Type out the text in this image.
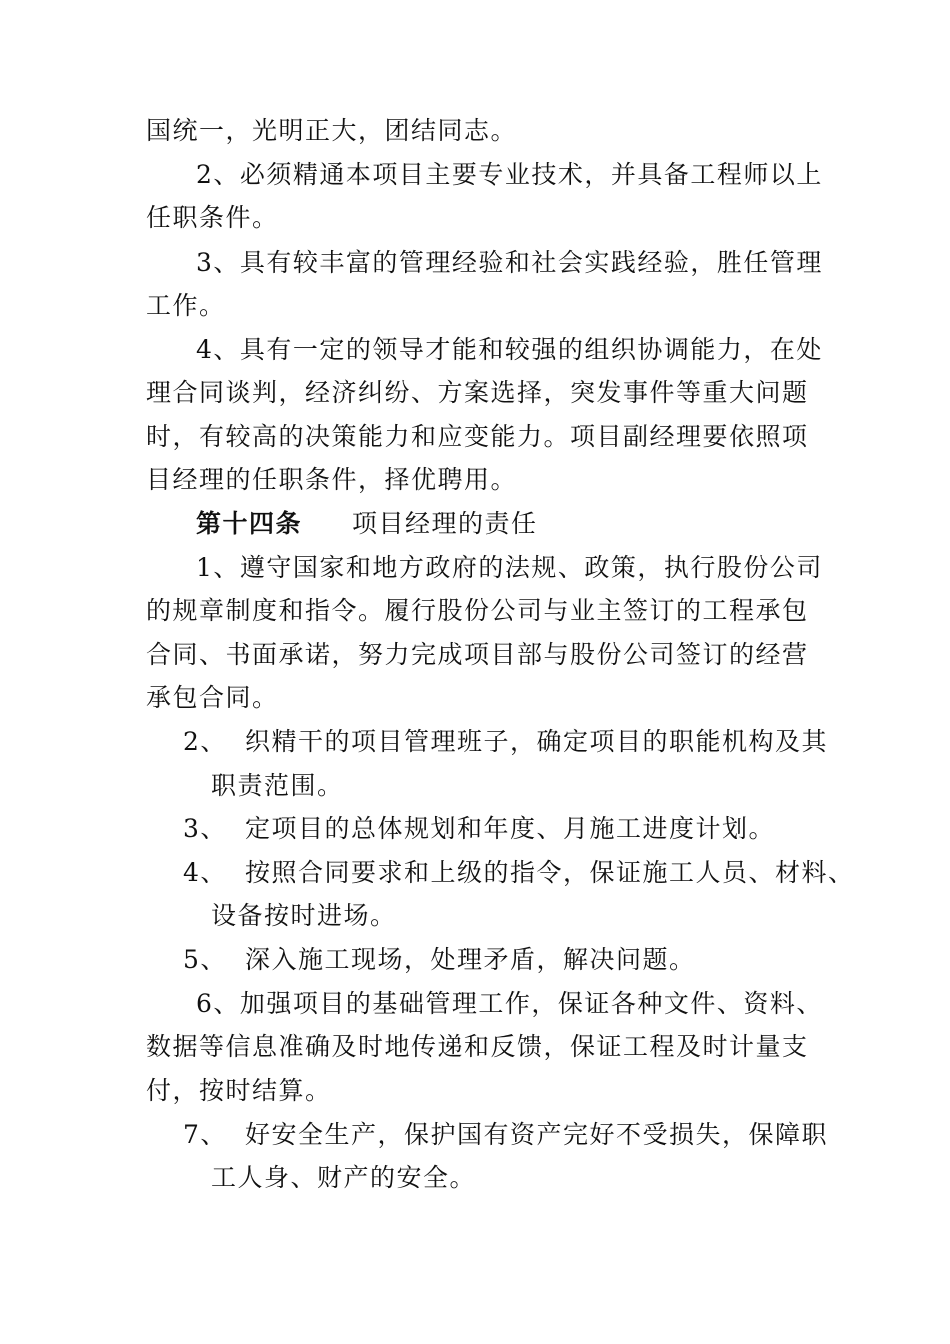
国统一，光明正大，团结同志。
2、必须精通本项目主要专业技术，并具备工程师以上
任职条件。
3、具有较丰富的管理经验和社会实践经验，胜任管理
工作。
4、具有一定的领导才能和较强的组织协调能力，在处
理合同谈判，经济纠纷、方案选择，突发事件等重大问题
时，有较高的决策能力和应变能力。项目副经理要依照项
目经理的任职条件，择优聘用。
第十四条 项目经理的责任
1、遵守国家和地方政府的法规、政策，执行股份公司
的规章制度和指令。履行股份公司与业主签订的工程承包
合同、书面承诺，努力完成项目部与股份公司签订的经营
承包合同。
2、 织精干的项目管理班子，确定项目的职能机构及其
职责范围。
3、 定项目的总体规划和年度、月施工进度计划。
4、 按照合同要求和上级的指令，保证施工人员、材料、
设备按时进场。
5、 深入施工现场，处理矛盾，解决问题。
6、加强项目的基础管理工作，保证各种文件、资料、
数据等信息准确及时地传递和反馈，保证工程及时计量支
付，按时结算。
7、 好安全生产，保护国有资产完好不受损失，保障职
工人身、财产的安全。
